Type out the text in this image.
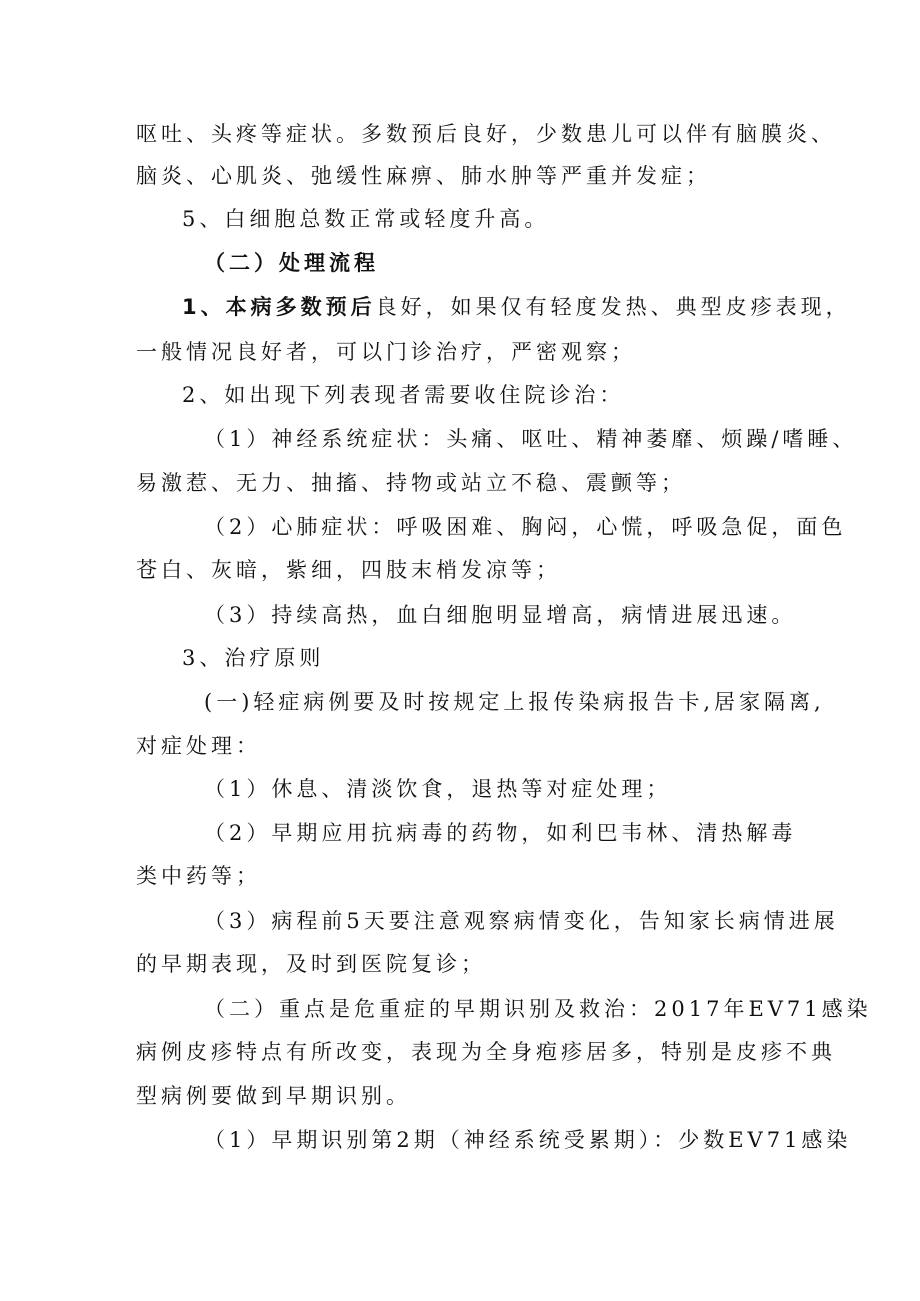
呕吐、头疼等症状。多数预后良好，少数患儿可以伴有脑膜炎、
脑炎、心肌炎、弛缓性麻痹、肺水肿等严重并发症；
5、白细胞总数正常或轻度升高。
（二）处理流程
1、本病多数预后良好，如果仅有轻度发热、典型皮疹表现，
一般情况良好者，可以门诊治疗，严密观察；
2、如出现下列表现者需要收住院诊治：
（1）神经系统症状：头痛、呕吐、精神萎靡、烦躁/嗜睡、
易激惹、无力、抽搐、持物或站立不稳、震颤等；
（2）心肺症状：呼吸困难、胸闷，心慌，呼吸急促，面色
苍白、灰暗，紫细，四肢末梢发凉等；
（3）持续高热，血白细胞明显增高，病情进展迅速。
3、治疗原则
(一)轻症病例要及时按规定上报传染病报告卡,居家隔离,
对症处理：
（1）休息、清淡饮食，退热等对症处理；
（2）早期应用抗病毒的药物，如利巴韦林、清热解毒
类中药等；
（3）病程前5天要注意观察病情变化，告知家长病情进展
的早期表现，及时到医院复诊；
（二）重点是危重症的早期识别及救治：2017年EV71感染
病例皮疹特点有所改变，表现为全身疱疹居多，特别是皮疹不典
型病例要做到早期识别。
（1）早期识别第2期（神经系统受累期）：少数EV71感染
